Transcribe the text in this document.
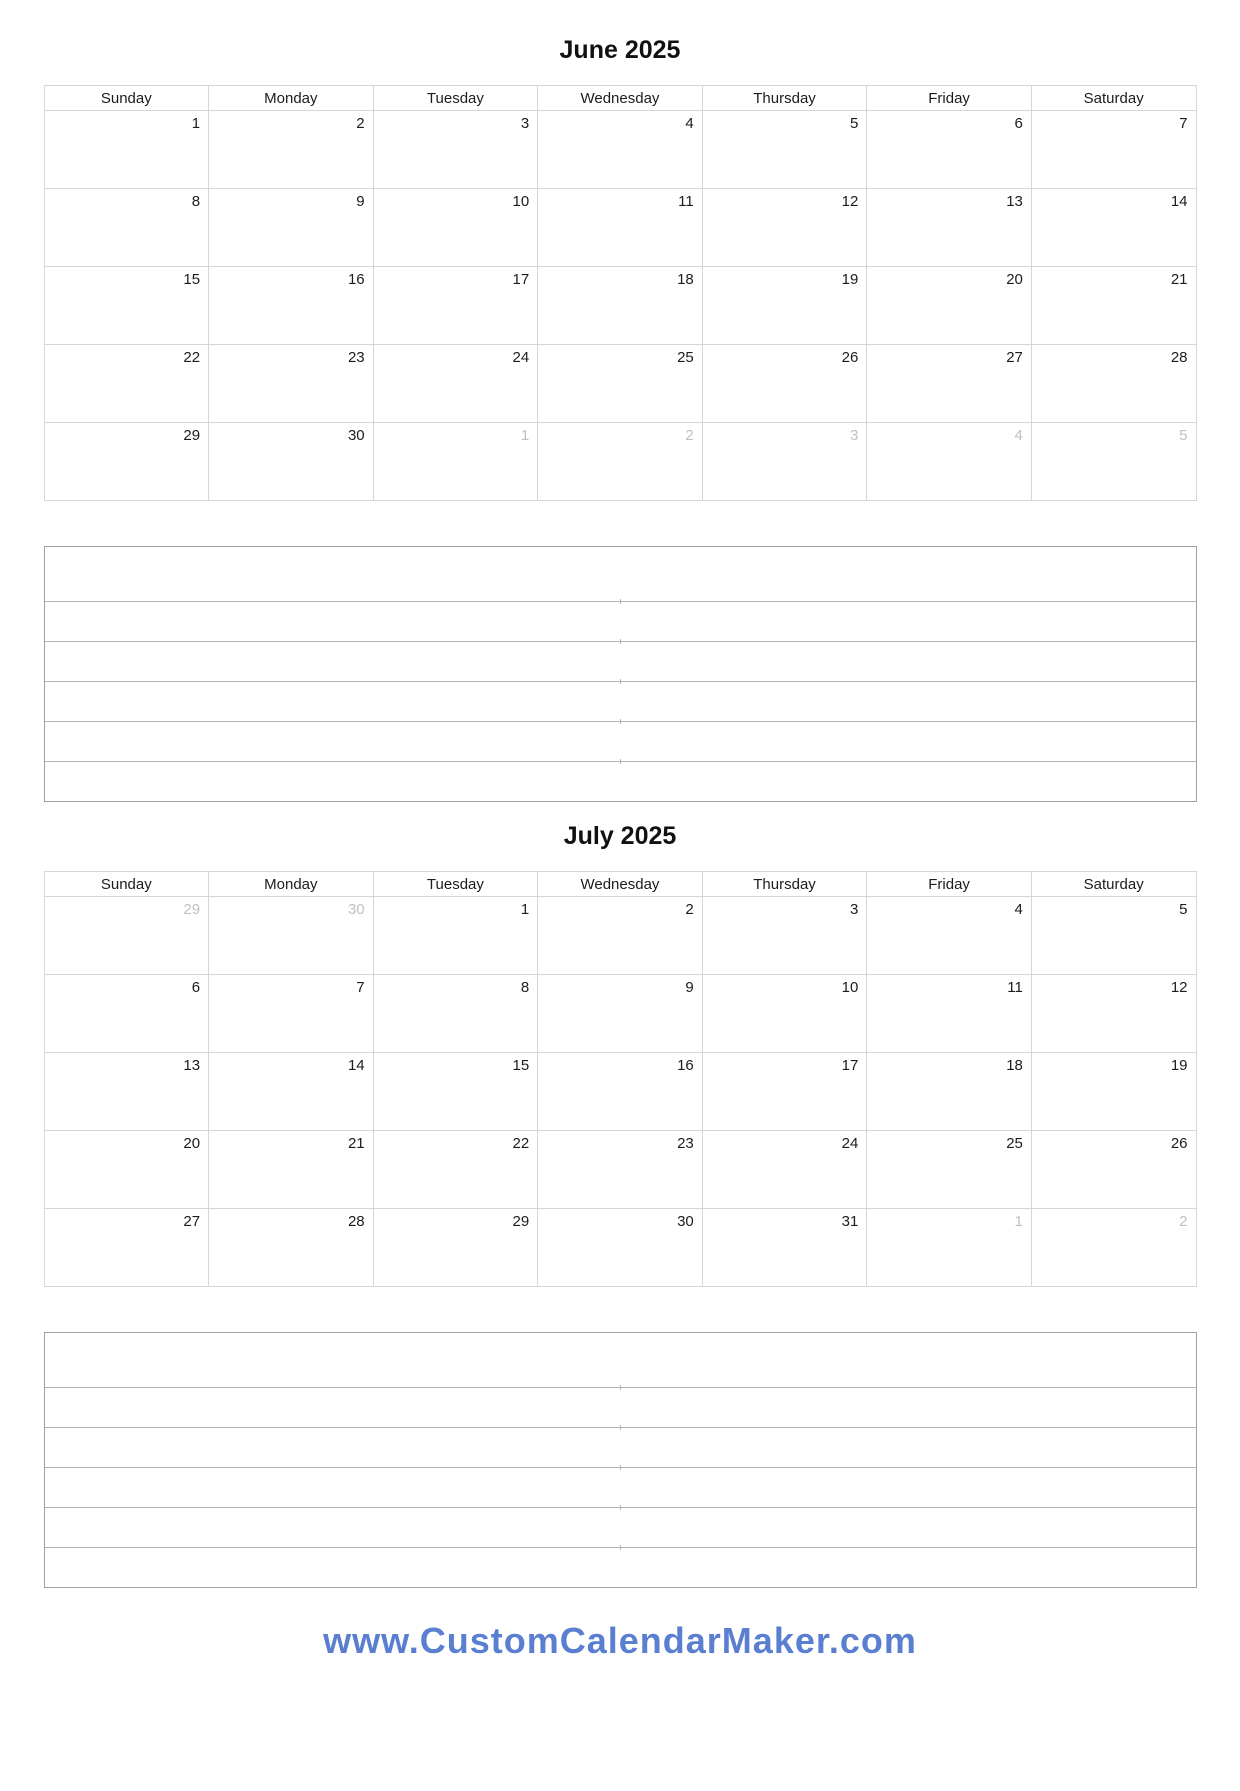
June 2025
Sunday	Monday	Tuesday	Wednesday	Thursday	Friday	Saturday
1	2	3	4	5	6	7
8	9	10	11	12	13	14
15	16	17	18	19	20	21
22	23	24	25	26	27	28
29	30	1	2	3	4	5
July 2025
Sunday	Monday	Tuesday	Wednesday	Thursday	Friday	Saturday
29	30	1	2	3	4	5
6	7	8	9	10	11	12
13	14	15	16	17	18	19
20	21	22	23	24	25	26
27	28	29	30	31	1	2
www.CustomCalendarMaker.com
